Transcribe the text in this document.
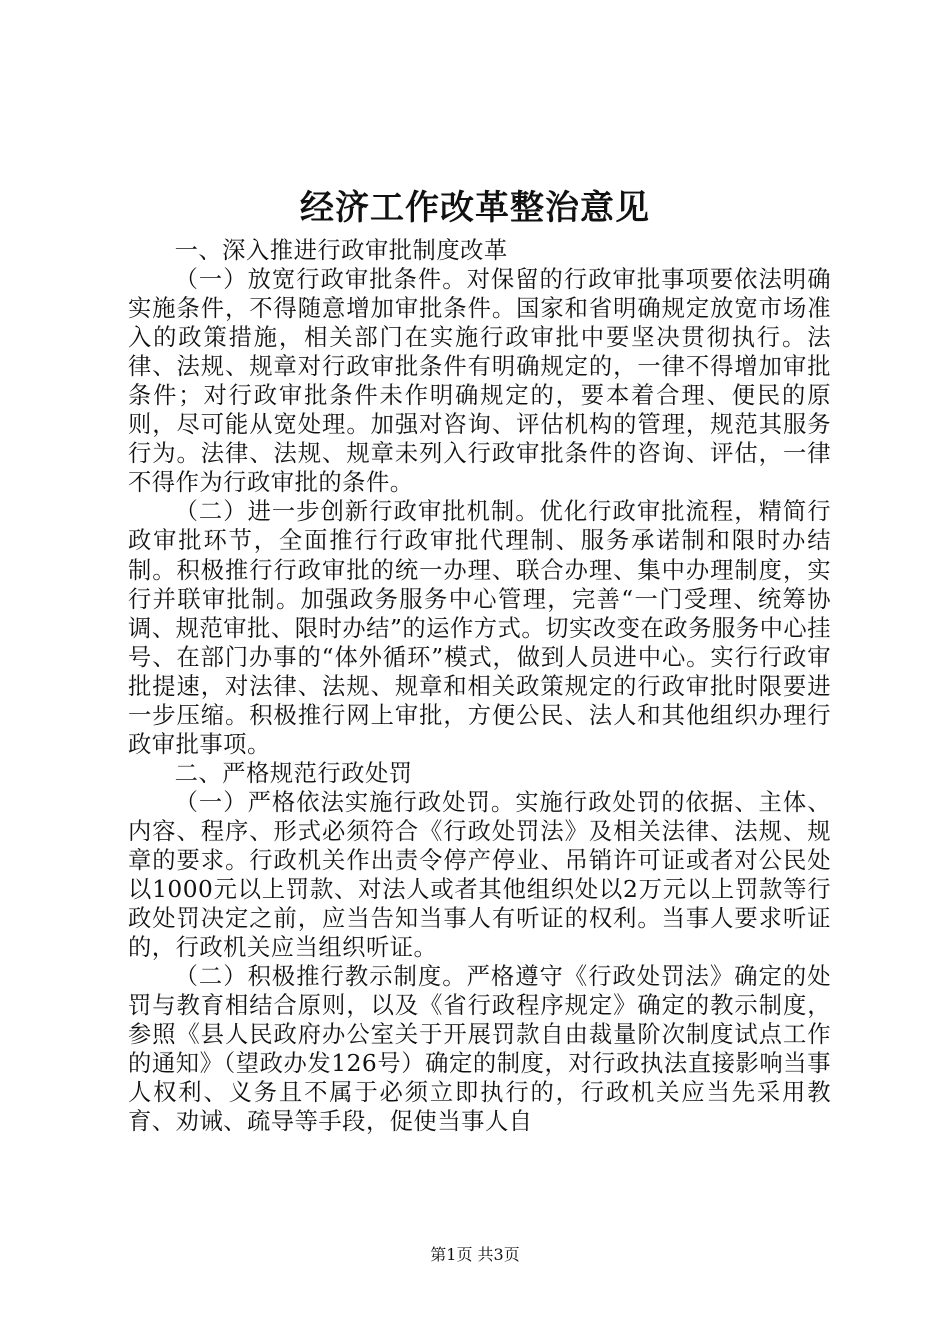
经济工作改革整治意见

一、深入推进行政审批制度改革

（一）放宽行政审批条件。对保留的行政审批事项要依法明确实施条件，不得随意增加审批条件。国家和省明确规定放宽市场准入的政策措施，相关部门在实施行政审批中要坚决贯彻执行。法律、法规、规章对行政审批条件有明确规定的，一律不得增加审批条件；对行政审批条件未作明确规定的，要本着合理、便民的原则，尽可能从宽处理。加强对咨询、评估机构的管理，规范其服务行为。法律、法规、规章未列入行政审批条件的咨询、评估，一律不得作为行政审批的条件。

（二）进一步创新行政审批机制。优化行政审批流程，精简行政审批环节，全面推行行政审批代理制、服务承诺制和限时办结制。积极推行行政审批的统一办理、联合办理、集中办理制度，实行并联审批制。加强政务服务中心管理，完善“一门受理、统筹协调、规范审批、限时办结”的运作方式。切实改变在政务服务中心挂号、在部门办事的“体外循环”模式，做到人员进中心。实行行政审批提速，对法律、法规、规章和相关政策规定的行政审批时限要进一步压缩。积极推行网上审批，方便公民、法人和其他组织办理行政审批事项。

二、严格规范行政处罚

（一）严格依法实施行政处罚。实施行政处罚的依据、主体、内容、程序、形式必须符合《行政处罚法》及相关法律、法规、规章的要求。行政机关作出责令停产停业、吊销许可证或者对公民处以1000元以上罚款、对法人或者其他组织处以2万元以上罚款等行政处罚决定之前，应当告知当事人有听证的权利。当事人要求听证的，行政机关应当组织听证。

（二）积极推行教示制度。严格遵守《行政处罚法》确定的处罚与教育相结合原则，以及《省行政程序规定》确定的教示制度，参照《县人民政府办公室关于开展罚款自由裁量阶次制度试点工作的通知》（望政办发126号）确定的制度，对行政执法直接影响当事人权利、义务且不属于必须立即执行的，行政机关应当先采用教育、劝诫、疏导等手段，促使当事人自

第1页 共3页
